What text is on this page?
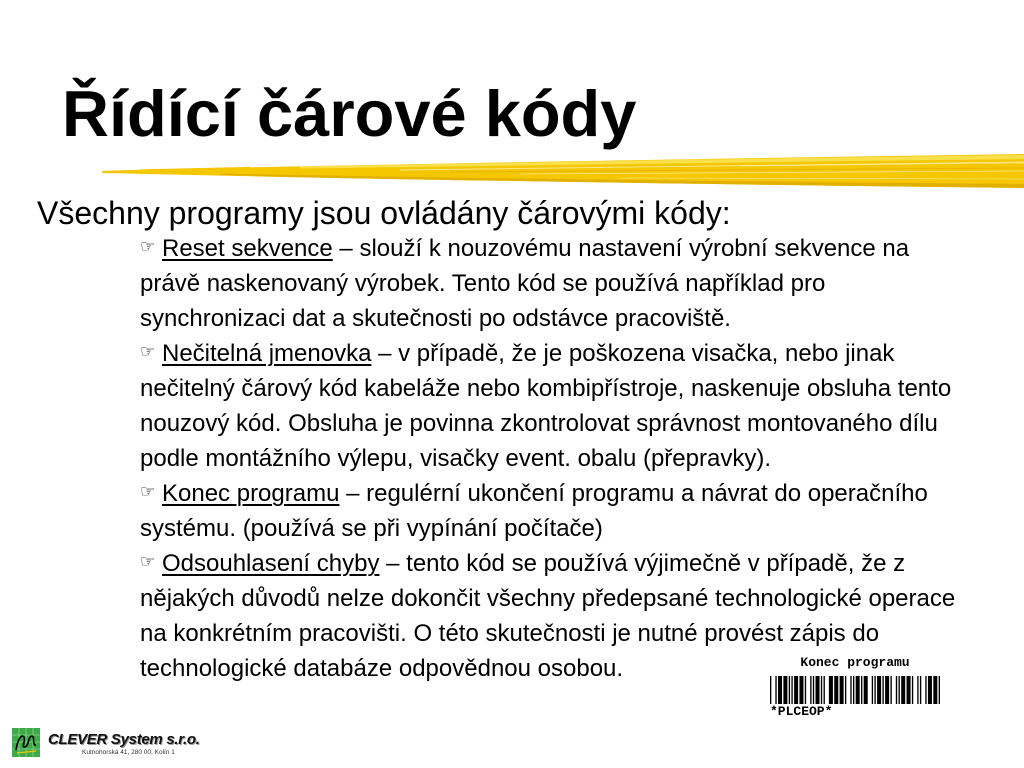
Řídící čárové kódy
Všechny programy jsou ovládány čárovými kódy:
☞Reset sekvence – slouží k nouzovému nastavení výrobní sekvence na
právě naskenovaný výrobek. Tento kód se používá například pro
synchronizaci dat a skutečnosti po odstávce pracoviště.
☞Nečitelná jmenovka – v případě, že je poškozena visačka, nebo jinak
nečitelný čárový kód kabeláže nebo kombipřístroje, naskenuje obsluha tento
nouzový kód. Obsluha je povinna zkontrolovat správnost montovaného dílu
podle montážního výlepu, visačky event. obalu (přepravky).
☞Konec programu – regulérní ukončení programu a návrat do operačního
systému. (používá se při vypínání počítače)
☞Odsouhlasení chyby – tento kód se používá výjimečně v případě, že z
nějakých důvodů nelze dokončit všechny předepsané technologické operace
na konkrétním pracovišti. O této skutečnosti je nutné provést zápis do
technologické databáze odpovědnou osobou.	Konec programu
*PLCEOP*
CLEVER System s.r.o.
Kutnohorská 41, 280 00, Kolín 1
